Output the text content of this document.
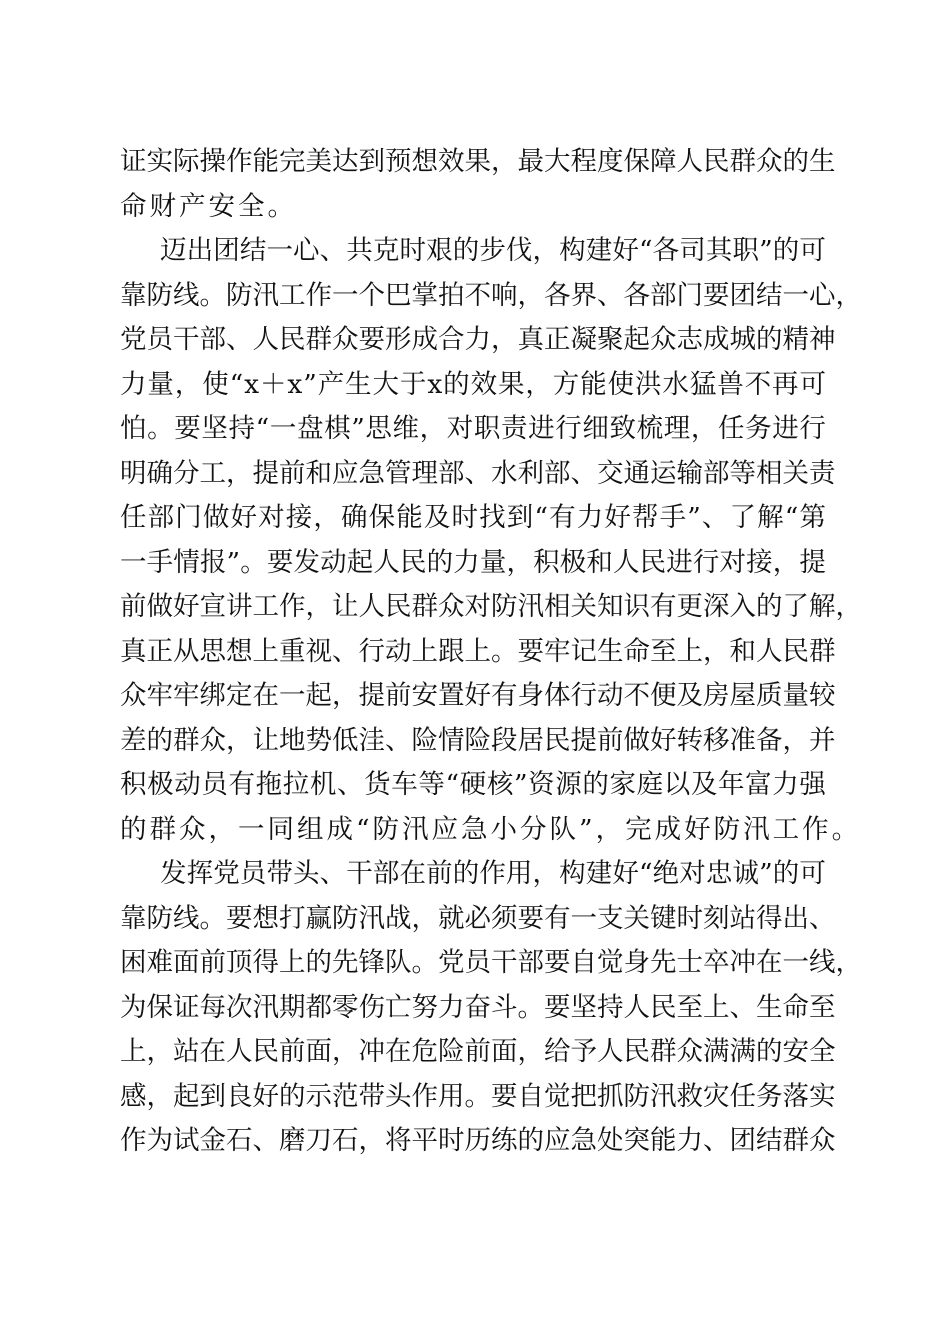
证 实 际 操 作 能 完 美 达 到 预 想 效 果 ， 最 大 程 度 保 障 人 民 群 众 的 生
命财产安全。
迈 出 团 结 一 心 、 共 克 时 艰 的 步 伐 ， 构 建 好 “ 各 司 其 职 ” 的 可
靠 防 线 。 防 汛 工 作 一 个 巴 掌 拍 不 响 ， 各 界 、 各 部 门 要 团 结 一 心 ，
党 员 干 部 、 人 民 群 众 要 形 成 合 力 ， 真 正 凝 聚 起 众 志 成 城 的 精 神
力 量 ， 使 “ x ＋ x ” 产 生 大 于 x 的 效 果 ， 方 能 使 洪 水 猛 兽 不 再 可
怕 。 要 坚 持 “ 一 盘 棋 ” 思 维 ， 对 职 责 进 行 细 致 梳 理 ， 任 务 进 行
明 确 分 工 ， 提 前 和 应 急 管 理 部 、 水 利 部 、 交 通 运 输 部 等 相 关 责
任 部 门 做 好 对 接 ， 确 保 能 及 时 找 到 “ 有 力 好 帮 手 ” 、 了 解 “ 第
一 手 情 报 ” 。 要 发 动 起 人 民 的 力 量 ， 积 极 和 人 民 进 行 对 接 ， 提
前 做 好 宣 讲 工 作 ， 让 人 民 群 众 对 防 汛 相 关 知 识 有 更 深 入 的 了 解 ，
真 正 从 思 想 上 重 视 、 行 动 上 跟 上 。 要 牢 记 生 命 至 上 ， 和 人 民 群
众 牢 牢 绑 定 在 一 起 ， 提 前 安 置 好 有 身 体 行 动 不 便 及 房 屋 质 量 较
差 的 群 众 ， 让 地 势 低 洼 、 险 情 险 段 居 民 提 前 做 好 转 移 准 备 ， 并
积 极 动 员 有 拖 拉 机 、 货 车 等 “ 硬 核 ” 资 源 的 家 庭 以 及 年 富 力 强
的群众，一同组成“防汛应急小分队”，完成好防汛工作。
发 挥 党 员 带 头 、 干 部 在 前 的 作 用 ， 构 建 好 “ 绝 对 忠 诚 ” 的 可
靠 防 线 。 要 想 打 赢 防 汛 战 ， 就 必 须 要 有 一 支 关 键 时 刻 站 得 出 、
困 难 面 前 顶 得 上 的 先 锋 队 。 党 员 干 部 要 自 觉 身 先 士 卒 冲 在 一 线 ，
为 保 证 每 次 汛 期 都 零 伤 亡 努 力 奋 斗 。 要 坚 持 人 民 至 上 、 生 命 至
上 ， 站 在 人 民 前 面 ， 冲 在 危 险 前 面 ， 给 予 人 民 群 众 满 满 的 安 全
感 ， 起 到 良 好 的 示 范 带 头 作 用 。 要 自 觉 把 抓 防 汛 救 灾 任 务 落 实
作 为 试 金 石 、 磨 刀 石 ， 将 平 时 历 练 的 应 急 处 突 能 力 、 团 结 群 众
